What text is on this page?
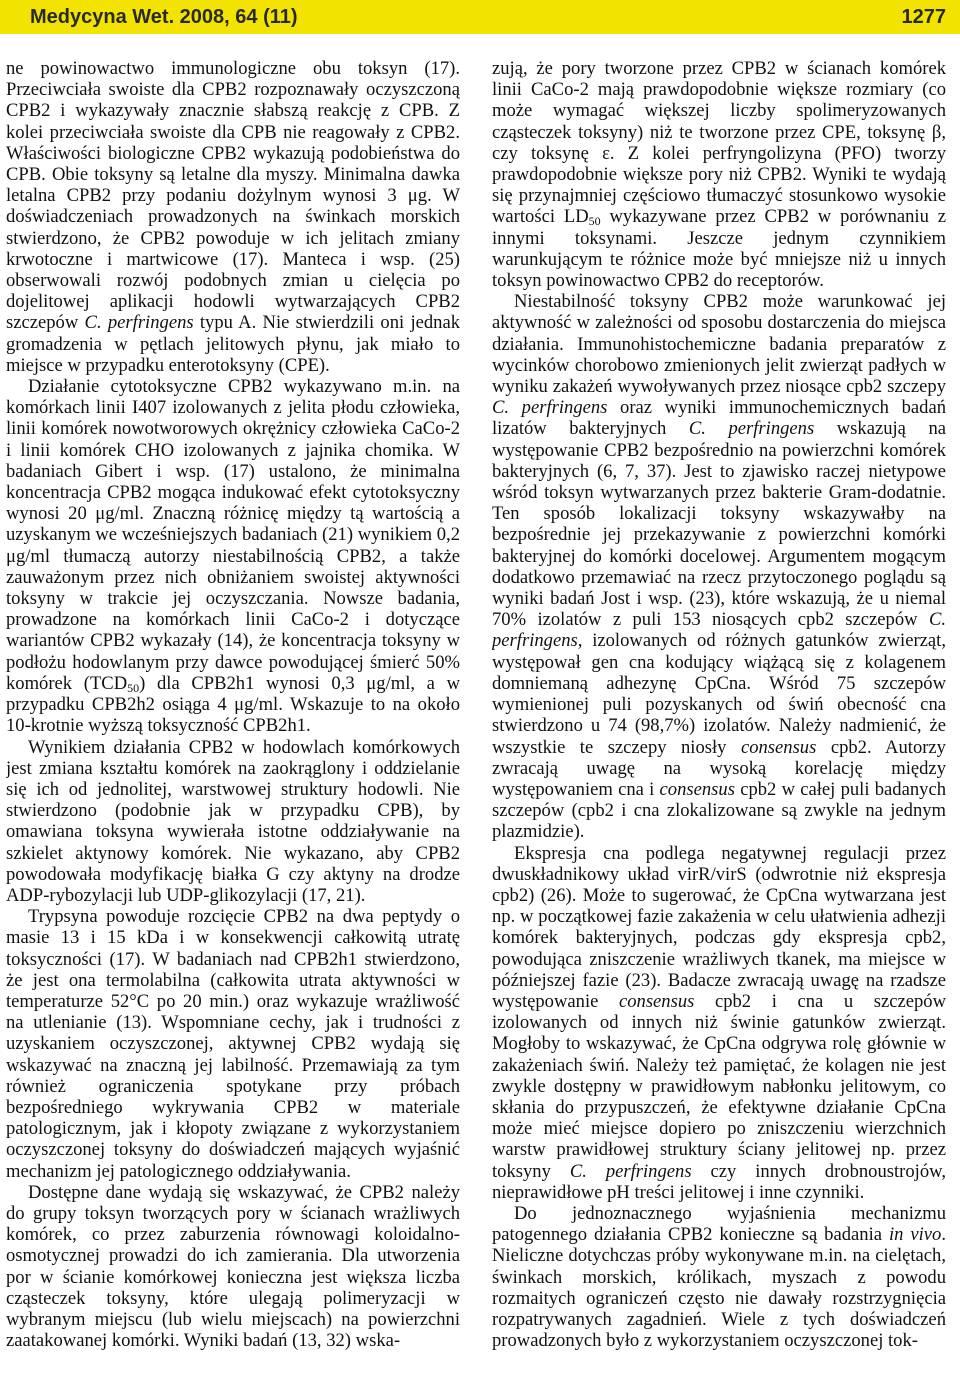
Medycyna Wet. 2008, 64 (11)	1277

ne powinowactwo immunologiczne obu toksyn (17). Przeciwciała swoiste dla CPB2 rozpoznawały oczyszczoną CPB2 i wykazywały znacznie słabszą reakcję z CPB. Z kolei przeciwciała swoiste dla CPB nie reagowały z CPB2. Właściwości biologiczne CPB2 wykazują podobieństwa do CPB. Obie toksyny są letalne dla myszy. Minimalna dawka letalna CPB2 przy podaniu dożylnym wynosi 3 μg. W doświadczeniach prowadzonych na świnkach morskich stwierdzono, że CPB2 powoduje w ich jelitach zmiany krwotoczne i martwicowe (17). Manteca i wsp. (25) obserwowali rozwój podobnych zmian u cielęcia po dojelitowej aplikacji hodowli wytwarzających CPB2 szczepów C. perfringens typu A. Nie stwierdzili oni jednak gromadzenia w pętlach jelitowych płynu, jak miało to miejsce w przypadku enterotoksyny (CPE).

Działanie cytotoksyczne CPB2 wykazywano m.in. na komórkach linii I407 izolowanych z jelita płodu człowieka, linii komórek nowotworowych okrężnicy człowieka CaCo-2 i linii komórek CHO izolowanych z jajnika chomika. W badaniach Gibert i wsp. (17) ustalono, że minimalna koncentracja CPB2 mogąca indukować efekt cytotoksyczny wynosi 20 μg/ml. Znaczną różnicę między tą wartością a uzyskanym we wcześniejszych badaniach (21) wynikiem 0,2 μg/ml tłumaczą autorzy niestabilnością CPB2, a także zauważonym przez nich obniżaniem swoistej aktywności toksyny w trakcie jej oczyszczania. Nowsze badania, prowadzone na komórkach linii CaCo-2 i dotyczące wariantów CPB2 wykazały (14), że koncentracja toksyny w podłożu hodowlanym przy dawce powodującej śmierć 50% komórek $(TCD_{50})$ dla CPB2h1 wynosi 0,3 μg/ml, a w przypadku CPB2h2 osiąga 4 μg/ml. Wskazuje to na około 10-krotnie wyższą toksyczność CPB2h1.

Wynikiem działania CPB2 w hodowlach komórkowych jest zmiana kształtu komórek na zaokrąglony i oddzielanie się ich od jednolitej, warstwowej struktury hodowli. Nie stwierdzono (podobnie jak w przypadku CPB), by omawiana toksyna wywierała istotne oddziaływanie na szkielet aktynowy komórek. Nie wykazano, aby CPB2 powodowała modyfikację białka G czy aktyny na drodze ADP-rybozylacji lub UDP-glikozylacji (17, 21).

Trypsyna powoduje rozcięcie CPB2 na dwa peptydy o masie 13 i 15 kDa i w konsekwencji całkowitą utratę toksyczności (17). W badaniach nad CPB2h1 stwierdzono, że jest ona termolabilna (całkowita utrata aktywności w temperaturze 52°C po 20 min.) oraz wykazuje wrażliwość na utlenianie (13). Wspomniane cechy, jak i trudności z uzyskaniem oczyszczonej, aktywnej CPB2 wydają się wskazywać na znaczną jej labilność. Przemawiają za tym również ograniczenia spotykane przy próbach bezpośredniego wykrywania CPB2 w materiale patologicznym, jak i kłopoty związane z wykorzystaniem oczyszczonej toksyny do doświadczeń mających wyjaśnić mechanizm jej patologicznego oddziaływania.

Dostępne dane wydają się wskazywać, że CPB2 należy do grupy toksyn tworzących pory w ścianach wrażliwych komórek, co przez zaburzenia równowagi koloidalno-osmotycznej prowadzi do ich zamierania. Dla utworzenia por w ścianie komórkowej konieczna jest większa liczba cząsteczek toksyny, które ulegają polimeryzacji w wybranym miejscu (lub wielu miejscach) na powierzchni zaatakowanej komórki. Wyniki badań (13, 32) wska-

zują, że pory tworzone przez CPB2 w ścianach komórek linii CaCo-2 mają prawdopodobnie większe rozmiary (co może wymagać większej liczby spolimeryzowanych cząsteczek toksyny) niż te tworzone przez CPE, toksynę β, czy toksynę ε. Z kolei perfryngolizyna (PFO) tworzy prawdopodobnie większe pory niż CPB2. Wyniki te wydają się przynajmniej częściowo tłumaczyć stosunkowo wysokie wartości $LD_{50}$ wykazywane przez CPB2 w porównaniu z innymi toksynami. Jeszcze jednym czynnikiem warunkującym te różnice może być mniejsze niż u innych toksyn powinowactwo CPB2 do receptorów.

Niestabilność toksyny CPB2 może warunkować jej aktywność w zależności od sposobu dostarczenia do miejsca działania. Immunohistochemiczne badania preparatów z wycinków chorobowo zmienionych jelit zwierząt padłych w wyniku zakażeń wywoływanych przez niosące cpb2 szczepy C. perfringens oraz wyniki immunochemicznych badań lizatów bakteryjnych C. perfringens wskazują na występowanie CPB2 bezpośrednio na powierzchni komórek bakteryjnych (6, 7, 37). Jest to zjawisko raczej nietypowe wśród toksyn wytwarzanych przez bakterie Gram-dodatnie. Ten sposób lokalizacji toksyny wskazywałby na bezpośrednie jej przekazywanie z powierzchni komórki bakteryjnej do komórki docelowej. Argumentem mogącym dodatkowo przemawiać na rzecz przytoczonego poglądu są wyniki badań Jost i wsp. (23), które wskazują, że u niemal 70% izolatów z puli 153 niosących cpb2 szczepów C. perfringens, izolowanych od różnych gatunków zwierząt, występował gen cna kodujący wiążącą się z kolagenem domniemaną adhezynę CpCna. Wśród 75 szczepów wymienionej puli pozyskanych od świń obecność cna stwierdzono u 74 (98,7%) izolatów. Należy nadmienić, że wszystkie te szczepy niosły consensus cpb2. Autorzy zwracają uwagę na wysoką korelację między występowaniem cna i consensus cpb2 w całej puli badanych szczepów (cpb2 i cna zlokalizowane są zwykle na jednym plazmidzie).

Ekspresja cna podlega negatywnej regulacji przez dwuskładnikowy układ virR/virS (odwrotnie niż ekspresja cpb2) (26). Może to sugerować, że CpCna wytwarzana jest np. w początkowej fazie zakażenia w celu ułatwienia adhezji komórek bakteryjnych, podczas gdy ekspresja cpb2, powodująca zniszczenie wrażliwych tkanek, ma miejsce w późniejszej fazie (23). Badacze zwracają uwagę na rzadsze występowanie consensus cpb2 i cna u szczepów izolowanych od innych niż świnie gatunków zwierząt. Mogłoby to wskazywać, że CpCna odgrywa rolę głównie w zakażeniach świń. Należy też pamiętać, że kolagen nie jest zwykle dostępny w prawidłowym nabłonku jelitowym, co skłania do przypuszczeń, że efektywne działanie CpCna może mieć miejsce dopiero po zniszczeniu wierzchnich warstw prawidłowej struktury ściany jelitowej np. przez toksyny C. perfringens czy innych drobnoustrojów, nieprawidłowe pH treści jelitowej i inne czynniki.

Do jednoznacznego wyjaśnienia mechanizmu patogennego działania CPB2 konieczne są badania in vivo. Nieliczne dotychczas próby wykonywane m.in. na cielętach, świnkach morskich, królikach, myszach z powodu rozmaitych ograniczeń często nie dawały rozstrzygnięcia rozpatrywanych zagadnień. Wiele z tych doświadczeń prowadzonych było z wykorzystaniem oczyszczonej tok-
